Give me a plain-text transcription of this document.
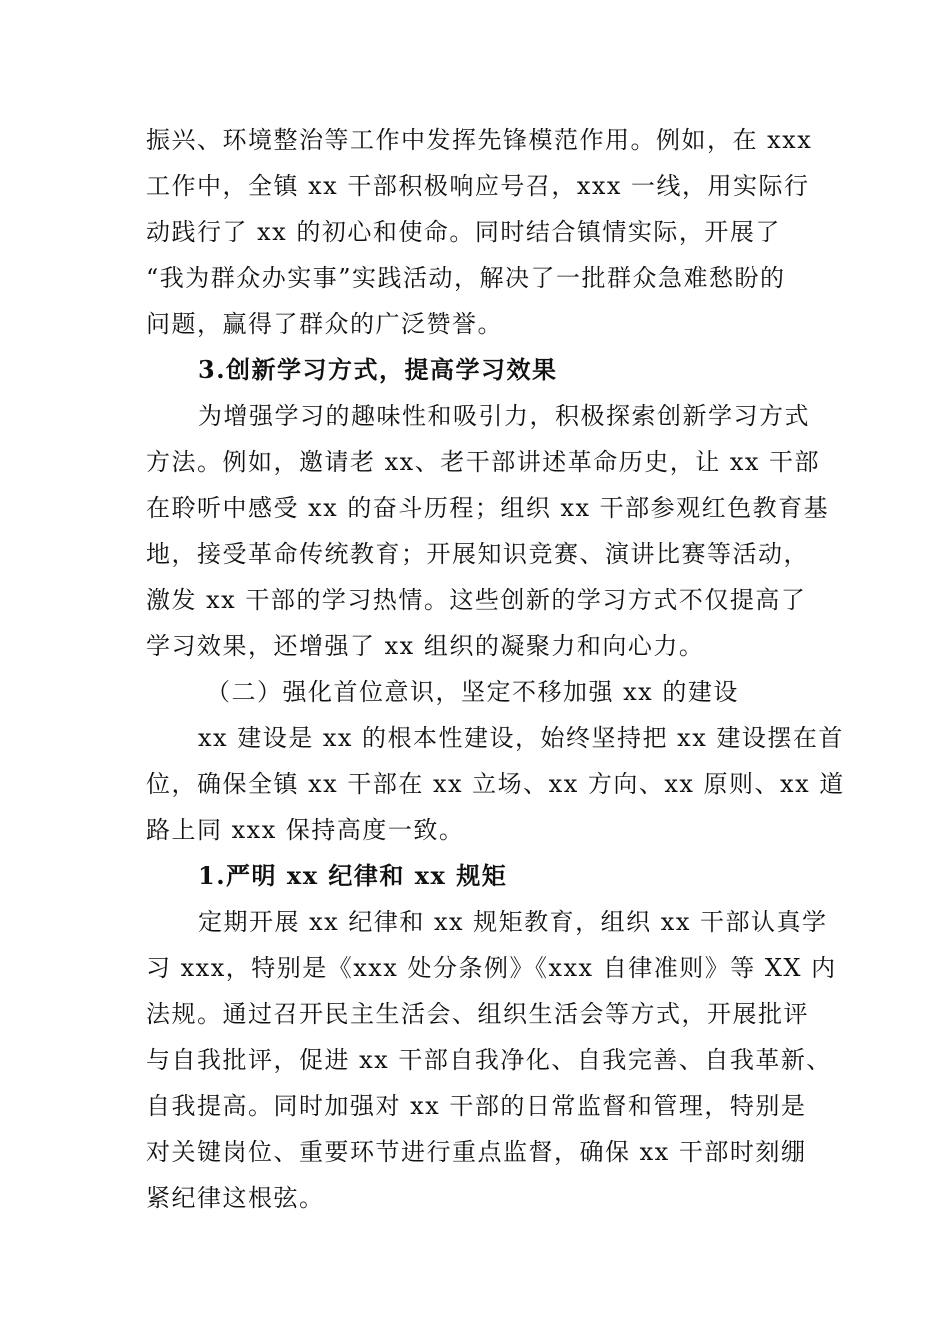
振兴、环境整治等工作中发挥先锋模范作用。例如，在 xxx
工作中，全镇 xx 干部积极响应号召，xxx 一线，用实际行
动践行了 xx 的初心和使命。同时结合镇情实际，开展了
“我为群众办实事”实践活动，解决了一批群众急难愁盼的
问题，赢得了群众的广泛赞誉。
3.创新学习方式，提高学习效果
为增强学习的趣味性和吸引力，积极探索创新学习方式
方法。例如，邀请老 xx、老干部讲述革命历史，让 xx 干部
在聆听中感受 xx 的奋斗历程；组织 xx 干部参观红色教育基
地，接受革命传统教育；开展知识竞赛、演讲比赛等活动，
激发 xx 干部的学习热情。这些创新的学习方式不仅提高了
学习效果，还增强了 xx 组织的凝聚力和向心力。
（二）强化首位意识，坚定不移加强 xx 的建设
xx 建设是 xx 的根本性建设，始终坚持把 xx 建设摆在首
位，确保全镇 xx 干部在 xx 立场、xx 方向、xx 原则、xx 道
路上同 xxx 保持高度一致。
1.严明 xx 纪律和 xx 规矩
定期开展 xx 纪律和 xx 规矩教育，组织 xx 干部认真学
习 xxx，特别是《xxx 处分条例》《xxx 自律准则》等 XX 内
法规。通过召开民主生活会、组织生活会等方式，开展批评
与自我批评，促进 xx 干部自我净化、自我完善、自我革新、
自我提高。同时加强对 xx 干部的日常监督和管理，特别是
对关键岗位、重要环节进行重点监督，确保 xx 干部时刻绷
紧纪律这根弦。
